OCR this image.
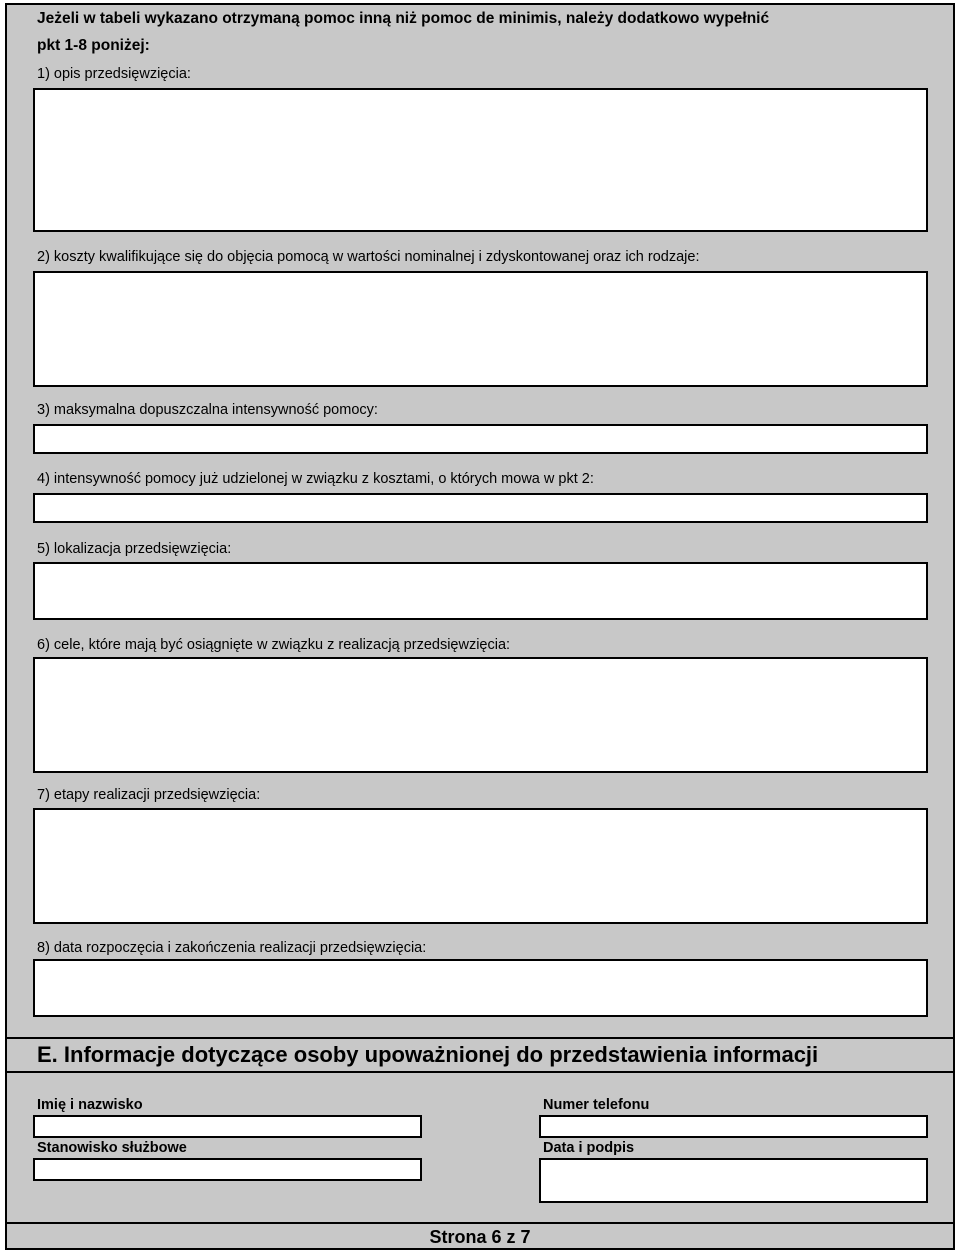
Jeżeli w tabeli wykazano otrzymaną pomoc inną niż pomoc de minimis, należy dodatkowo wypełnić
pkt 1-8 poniżej:
1) opis przedsięwzięcia:
2) koszty kwalifikujące się do objęcia pomocą w wartości nominalnej i zdyskontowanej oraz ich rodzaje:
3) maksymalna dopuszczalna intensywność pomocy:
4) intensywność pomocy już udzielonej w związku z kosztami, o których mowa w pkt 2:
5) lokalizacja przedsięwzięcia:
6) cele, które mają być osiągnięte w związku z realizacją przedsięwzięcia:
7) etapy realizacji przedsięwzięcia:
8) data rozpoczęcia i zakończenia realizacji przedsięwzięcia:
E. Informacje dotyczące osoby upoważnionej do przedstawienia informacji
Imię i nazwisko	Numer telefonu
Stanowisko służbowe	Data i podpis
Strona 6 z 7
